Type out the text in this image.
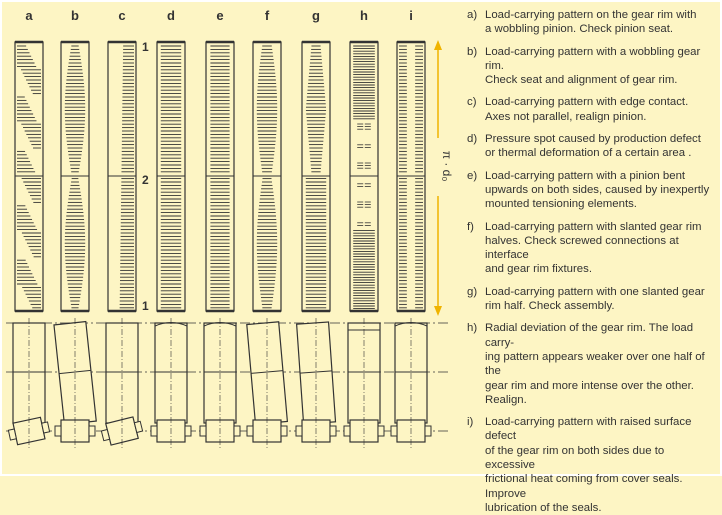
a	b	c	d	e	f	g	h	i
1
2
1
π · d₀
a) Load-carrying pattern on the gear rim with
a wobbling pinion. Check pinion seat.
b) Load-carrying pattern with a wobbling gear rim.
Check seat and alignment of gear rim.
c) Load-carrying pattern with edge contact.
Axes not parallel, realign pinion.
d) Pressure spot caused by production defect
or thermal deformation of a certain area .
e) Load-carrying pattern with a pinion bent
upwards on both sides, caused by inexpertly
mounted tensioning elements.
f) Load-carrying pattern with slanted gear rim
halves. Check screwed connections at interface
and gear rim fixtures.
g) Load-carrying pattern with one slanted gear
rim half. Check assembly.
h) Radial deviation of the gear rim. The load carry-
ing pattern appears weaker over one half of the
gear rim and more intense over the other.
Realign.
i) Load-carrying pattern with raised surface defect
of the gear rim on both sides due to excessive
frictional heat coming from cover seals. Improve
lubrication of the seals.
